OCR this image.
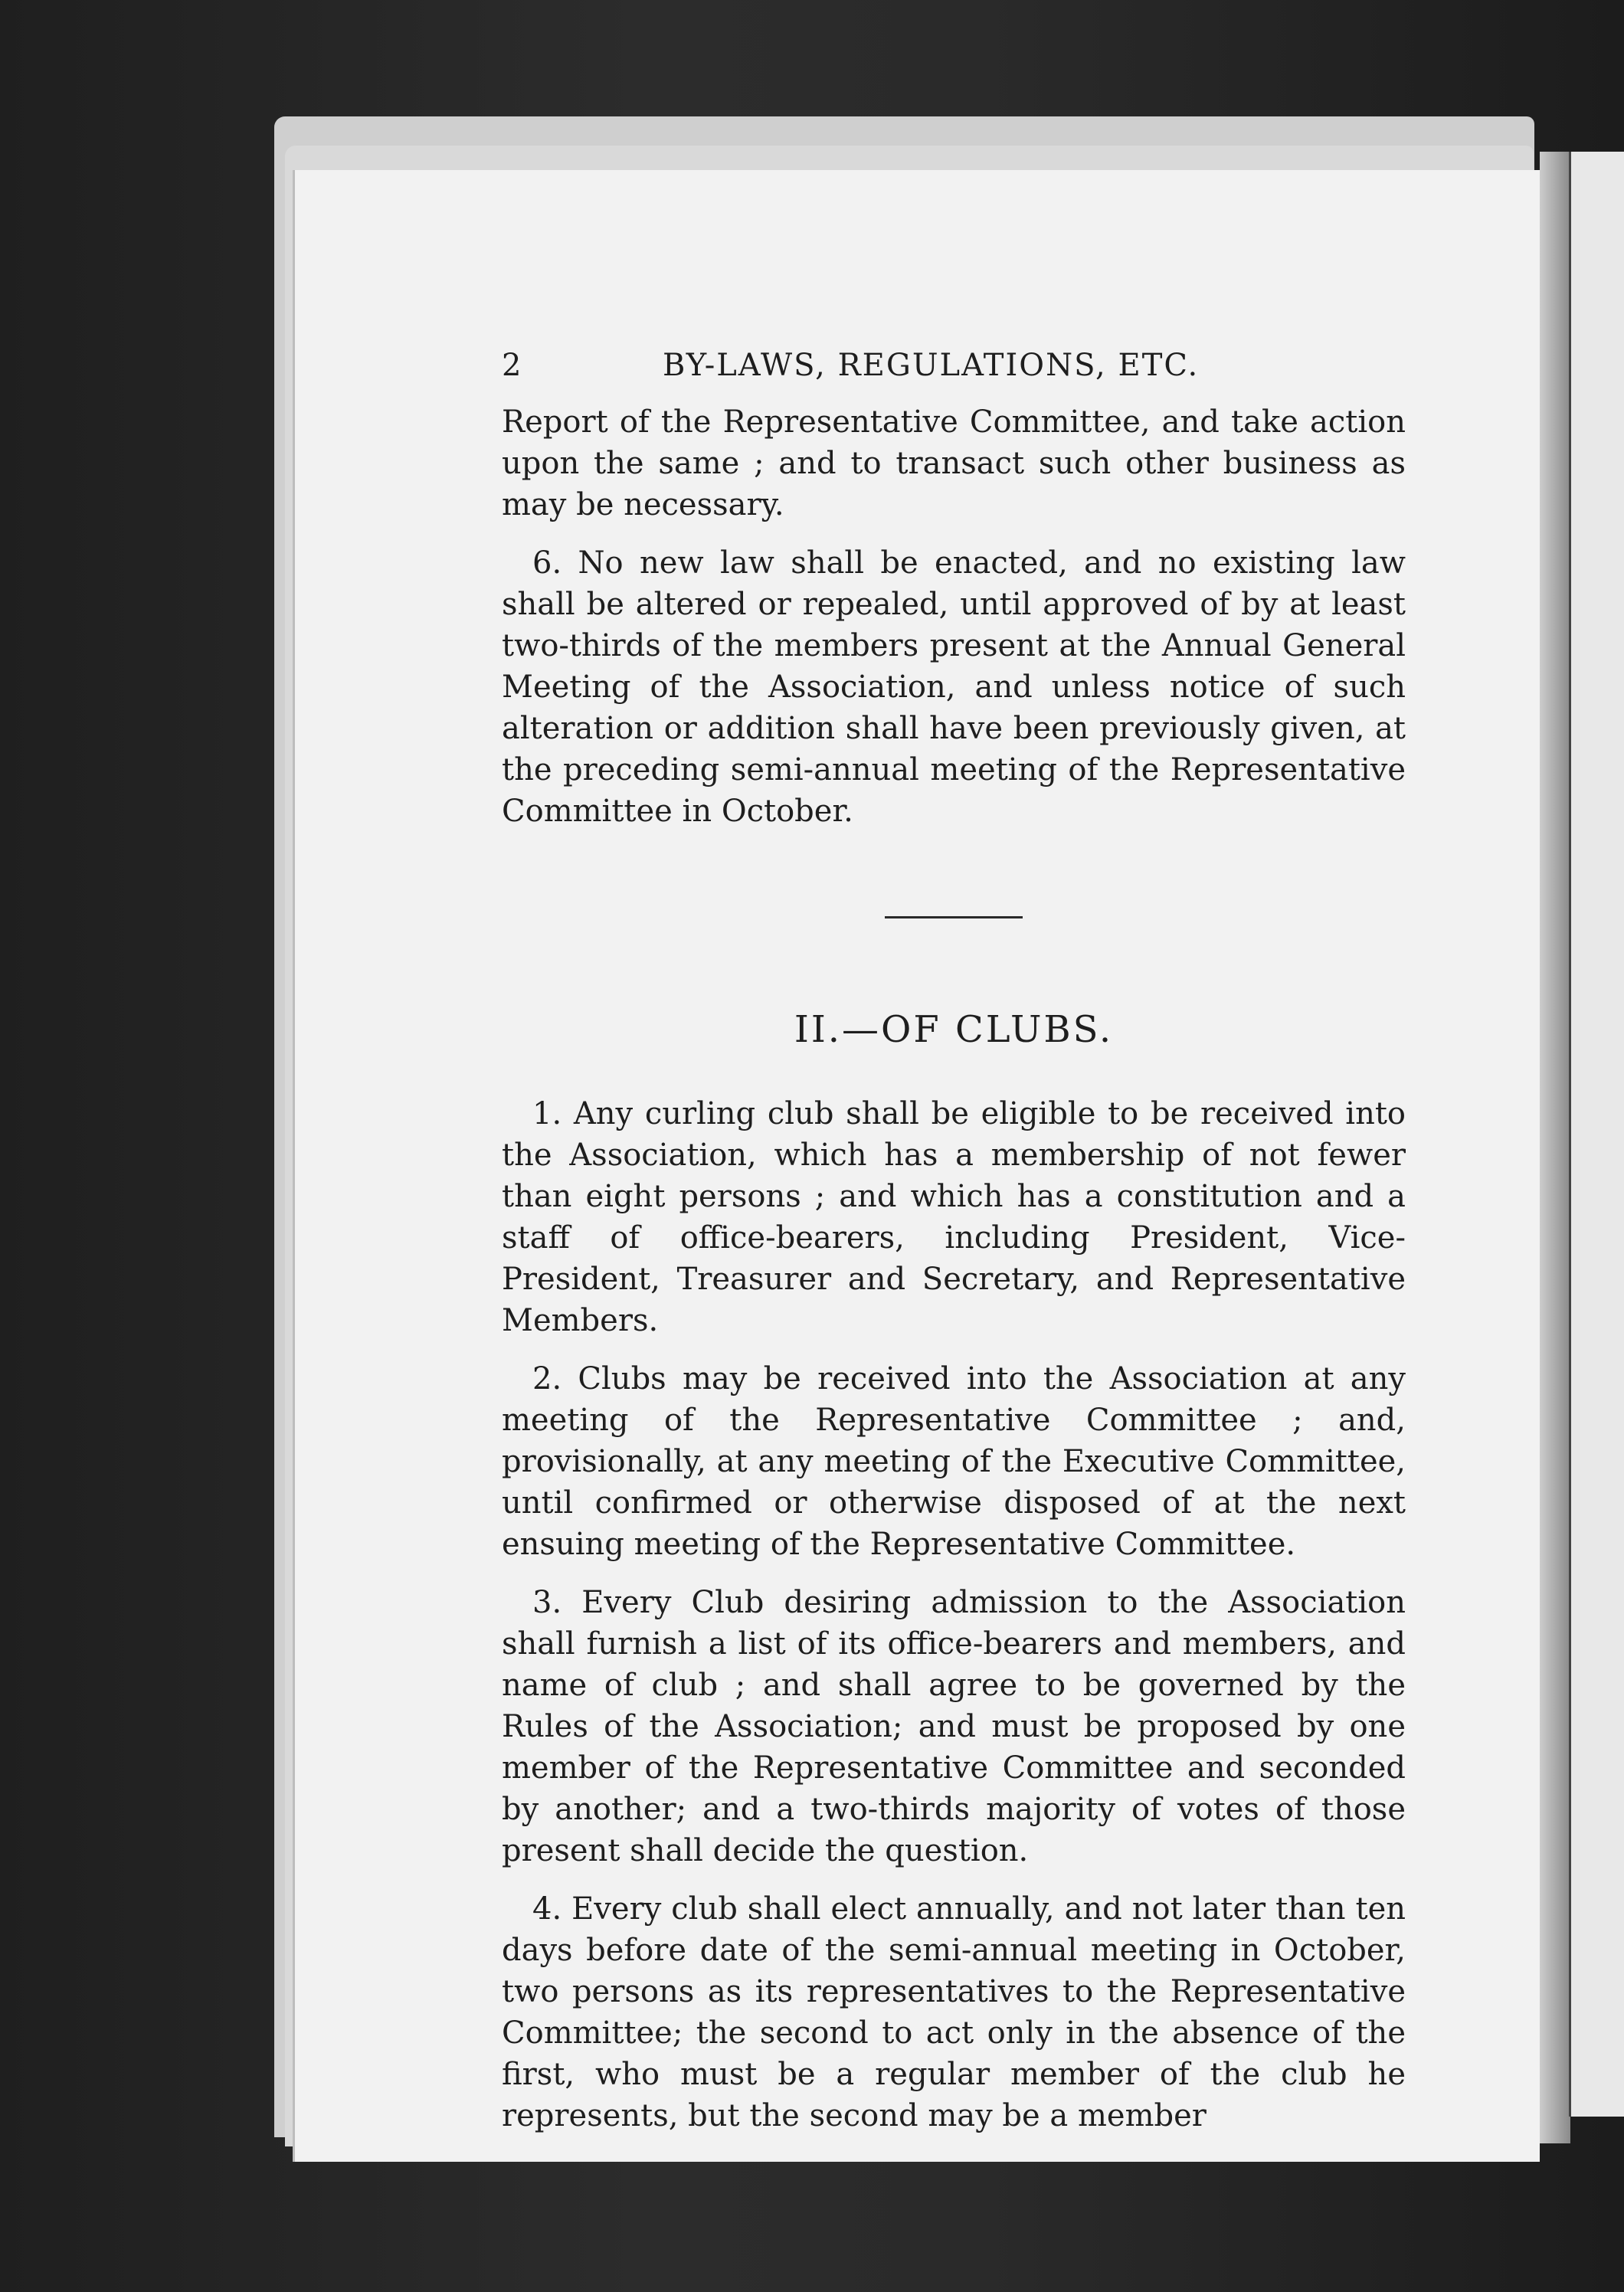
2	BY-LAWS, REGULATIONS, ETC.

Report of the Representative Committee, and take action upon the same ; and to transact such other business as may be necessary.

6. No new law shall be enacted, and no existing law shall be altered or repealed, until approved of by at least two-thirds of the members present at the Annual General Meeting of the Association, and unless notice of such alteration or addition shall have been previously given, at the preceding semi-annual meeting of the Representative Committee in October.

II.—OF CLUBS.

1. Any curling club shall be eligible to be received into the Association, which has a membership of not fewer than eight persons ; and which has a constitution and a staff of office-bearers, including President, Vice-President, Treasurer and Secretary, and Representative Members.

2. Clubs may be received into the Association at any meeting of the Representative Committee ; and, provisionally, at any meeting of the Executive Committee, until confirmed or otherwise disposed of at the next ensuing meeting of the Representative Committee.

3. Every Club desiring admission to the Association shall furnish a list of its office-bearers and members, and name of club ; and shall agree to be governed by the Rules of the Association; and must be proposed by one member of the Representative Committee and seconded by another; and a two-thirds majority of votes of those present shall decide the question.

4. Every club shall elect annually, and not later than ten days before date of the semi-annual meeting in October, two persons as its representatives to the Representative Committee; the second to act only in the absence of the first, who must be a regular member of the club he represents, but the second may be a member
